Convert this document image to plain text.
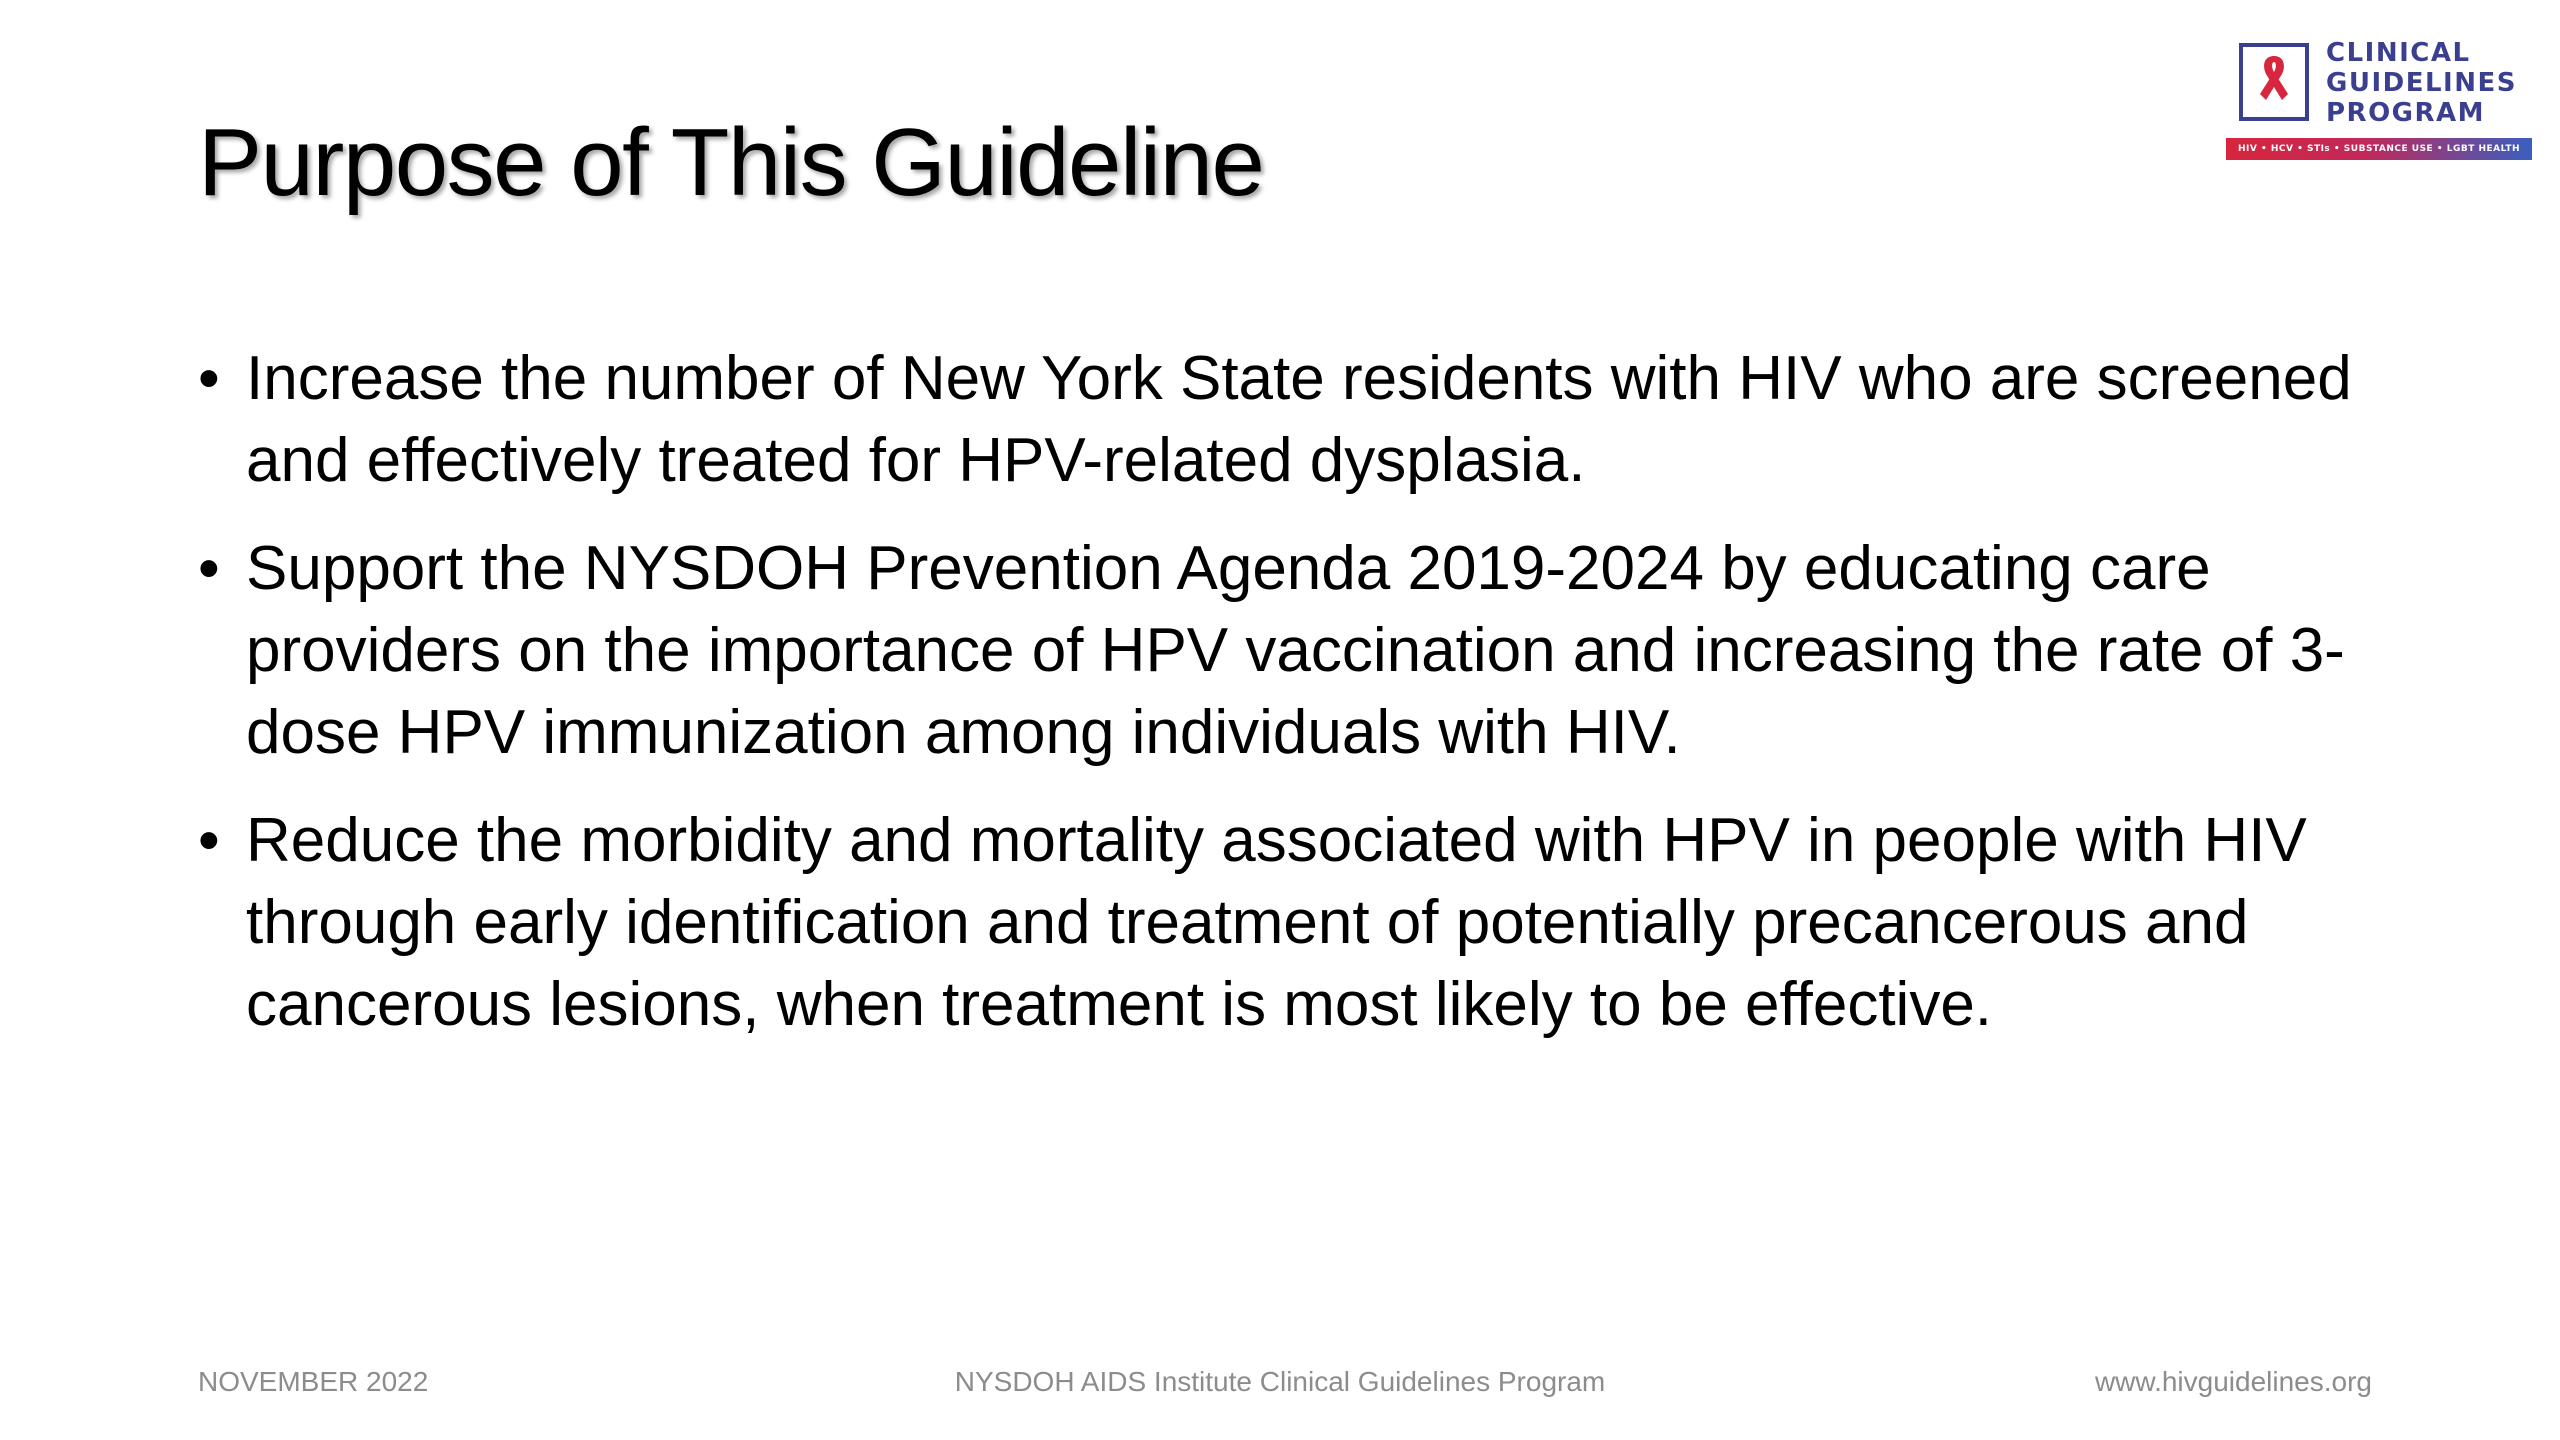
Purpose of This Guideline
CLINICAL
GUIDELINES
PROGRAM
HIV • HCV • STIs • SUBSTANCE USE • LGBT HEALTH
• Increase the number of New York State residents with HIV who are screened and effectively treated for HPV-related dysplasia.
• Support the NYSDOH Prevention Agenda 2019-2024 by educating care providers on the importance of HPV vaccination and increasing the rate of 3-dose HPV immunization among individuals with HIV.
• Reduce the morbidity and mortality associated with HPV in people with HIV through early identification and treatment of potentially precancerous and cancerous lesions, when treatment is most likely to be effective.
NOVEMBER 2022	NYSDOH AIDS Institute Clinical Guidelines Program	www.hivguidelines.org
